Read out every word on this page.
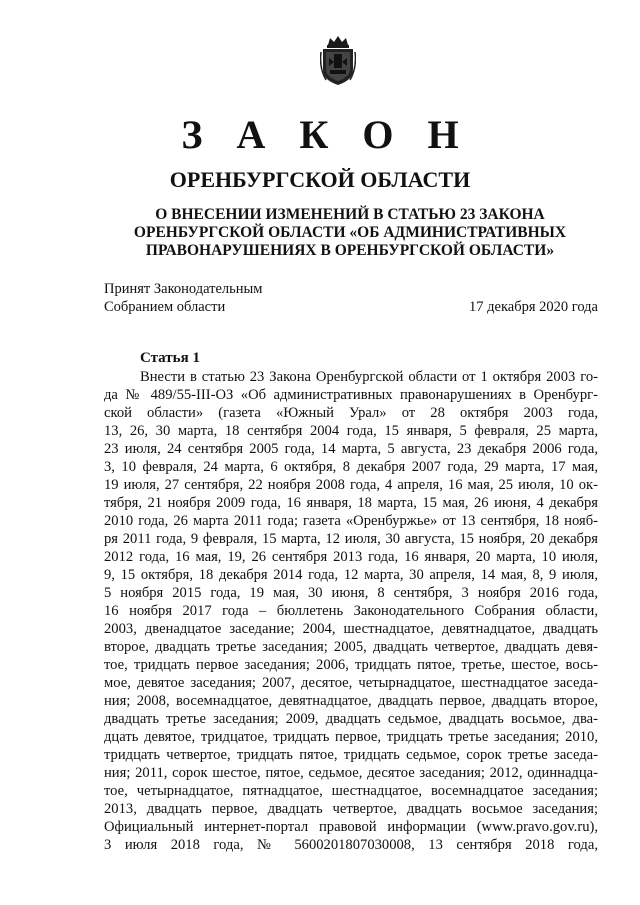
З А К О Н
ОРЕНБУРГСКОЙ ОБЛАСТИ
О ВНЕСЕНИИ ИЗМЕНЕНИЙ В СТАТЬЮ 23 ЗАКОНА
ОРЕНБУРГСКОЙ ОБЛАСТИ «ОБ АДМИНИСТРАТИВНЫХ
ПРАВОНАРУШЕНИЯХ В ОРЕНБУРГСКОЙ ОБЛАСТИ»
Принят Законодательным
Собранием области	17 декабря 2020 года
Статья 1
Внести в статью 23 Закона Оренбургской области от 1 октября 2003 го-
да № 489/55-III-ОЗ «Об административных правонарушениях в Оренбург-
ской области» (газета «Южный Урал» от 28 октября 2003 года,
13, 26, 30 марта, 18 сентября 2004 года, 15 января, 5 февраля, 25 марта,
23 июля, 24 сентября 2005 года, 14 марта, 5 августа, 23 декабря 2006 года,
3, 10 февраля, 24 марта, 6 октября, 8 декабря 2007 года, 29 марта, 17 мая,
19 июля, 27 сентября, 22 ноября 2008 года, 4 апреля, 16 мая, 25 июля, 10 ок-
тября, 21 ноября 2009 года, 16 января, 18 марта, 15 мая, 26 июня, 4 декабря
2010 года, 26 марта 2011 года; газета «Оренбуржье» от 13 сентября, 18 нояб-
ря 2011 года, 9 февраля, 15 марта, 12 июля, 30 августа, 15 ноября, 20 декабря
2012 года, 16 мая, 19, 26 сентября 2013 года, 16 января, 20 марта, 10 июля,
9, 15 октября, 18 декабря 2014 года, 12 марта, 30 апреля, 14 мая, 8, 9 июля,
5 ноября 2015 года, 19 мая, 30 июня, 8 сентября, 3 ноября 2016 года,
16 ноября 2017 года – бюллетень Законодательного Собрания области,
2003, двенадцатое заседание; 2004, шестнадцатое, девятнадцатое, двадцать
второе, двадцать третье заседания; 2005, двадцать четвертое, двадцать девя-
тое, тридцать первое заседания; 2006, тридцать пятое, третье, шестое, вось-
мое, девятое заседания; 2007, десятое, четырнадцатое, шестнадцатое заседа-
ния; 2008, восемнадцатое, девятнадцатое, двадцать первое, двадцать второе,
двадцать третье заседания; 2009, двадцать седьмое, двадцать восьмое, два-
дцать девятое, тридцатое, тридцать первое, тридцать третье заседания; 2010,
тридцать четвертое, тридцать пятое, тридцать седьмое, сорок третье заседа-
ния; 2011, сорок шестое, пятое, седьмое, десятое заседания; 2012, одиннадца-
тое, четырнадцатое, пятнадцатое, шестнадцатое, восемнадцатое заседания;
2013, двадцать первое, двадцать четвертое, двадцать восьмое заседания;
Официальный интернет-портал правовой информации (www.pravo.gov.ru),
3 июля 2018 года, № 5600201807030008, 13 сентября 2018 года,
